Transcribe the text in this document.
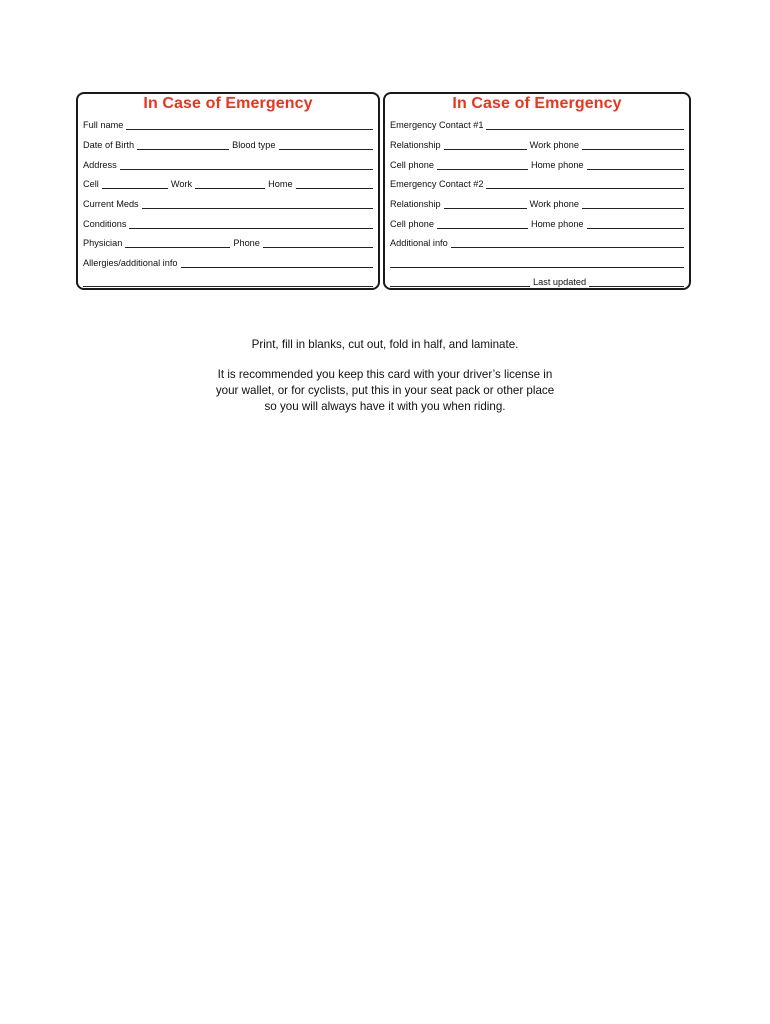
In Case of Emergency
Full name
Date of Birth	Blood type
Address
Cell	Work	Home
Current Meds
Conditions
Physician	Phone
Allergies/additional info
In Case of Emergency
Emergency Contact #1
Relationship	Work phone
Cell phone	Home phone
Emergency Contact #2
Relationship	Work phone
Cell phone	Home phone
Additional info
Last updated

Print, fill in blanks, cut out, fold in half, and laminate.

It is recommended you keep this card with your driver’s license in

your wallet, or for cyclists, put this in your seat pack or other place

so you will always have it with you when riding.
